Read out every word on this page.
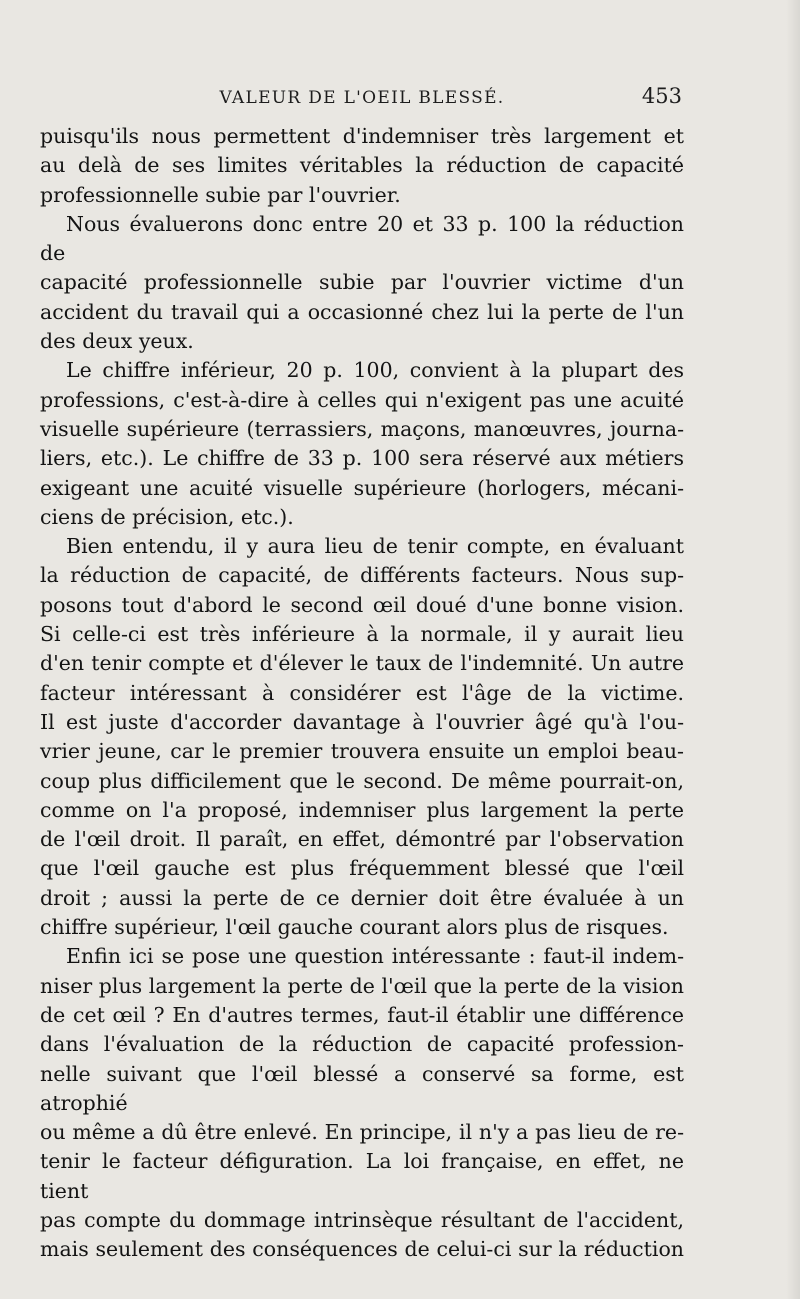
VALEUR DE L'OEIL BLESSÉ.	453

puisqu'ils nous permettent d'indemniser très largement et

au delà de ses limites véritables la réduction de capacité

professionnelle subie par l'ouvrier.

Nous évaluerons donc entre 20 et 33 p. 100 la réduction de

capacité professionnelle subie par l'ouvrier victime d'un

accident du travail qui a occasionné chez lui la perte de l'un

des deux yeux.

Le chiffre inférieur, 20 p. 100, convient à la plupart des

professions, c'est-à-dire à celles qui n'exigent pas une acuité

visuelle supérieure (terrassiers, maçons, manœuvres, journa-

liers, etc.). Le chiffre de 33 p. 100 sera réservé aux métiers

exigeant une acuité visuelle supérieure (horlogers, mécani-

ciens de précision, etc.).

Bien entendu, il y aura lieu de tenir compte, en évaluant

la réduction de capacité, de différents facteurs. Nous sup-

posons tout d'abord le second œil doué d'une bonne vision.

Si celle-ci est très inférieure à la normale, il y aurait lieu

d'en tenir compte et d'élever le taux de l'indemnité. Un autre

facteur intéressant à considérer est l'âge de la victime.

Il est juste d'accorder davantage à l'ouvrier âgé qu'à l'ou-

vrier jeune, car le premier trouvera ensuite un emploi beau-

coup plus difficilement que le second. De même pourrait-on,

comme on l'a proposé, indemniser plus largement la perte

de l'œil droit. Il paraît, en effet, démontré par l'observation

que l'œil gauche est plus fréquemment blessé que l'œil

droit ; aussi la perte de ce dernier doit être évaluée à un

chiffre supérieur, l'œil gauche courant alors plus de risques.

Enfin ici se pose une question intéressante : faut-il indem-

niser plus largement la perte de l'œil que la perte de la vision

de cet œil ? En d'autres termes, faut-il établir une différence

dans l'évaluation de la réduction de capacité profession-

nelle suivant que l'œil blessé a conservé sa forme, est atrophié

ou même a dû être enlevé. En principe, il n'y a pas lieu de re-

tenir le facteur défiguration. La loi française, en effet, ne tient

pas compte du dommage intrinsèque résultant de l'accident,

mais seulement des conséquences de celui-ci sur la réduction
